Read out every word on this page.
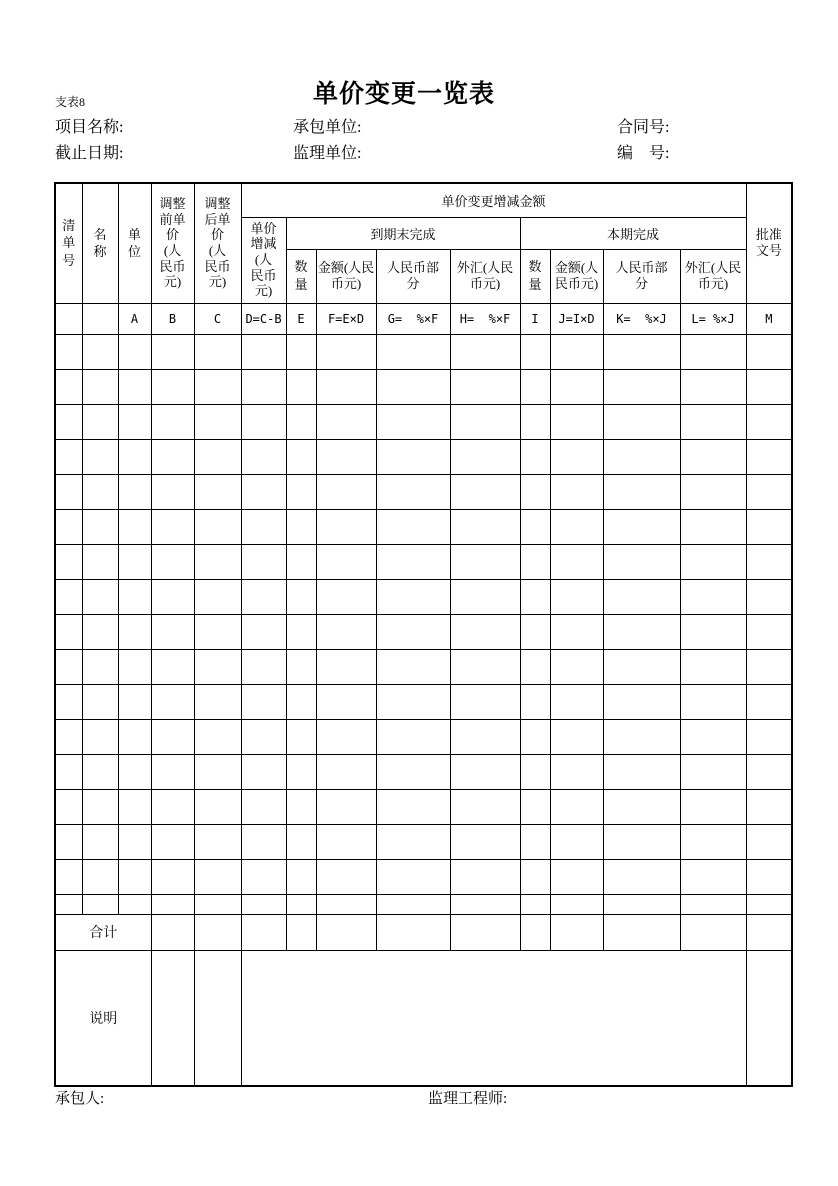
支表8	单价变更一览表
项目名称:	承包单位:	合同号:
截止日期:	监理单位:	编　号:
清单号	名称	单位	调整前单价(人民币元)	调整后单价(人民币元)	单价变更增减金额									批准文号
					单价增减(人民币元)	到期末完成				本期完成				
						数量	金额(人民币元)	人民币部分	外汇(人民币元)	数量	金额(人民币元)	人民币部分	外汇(人民币元)	
		A	B	C	D=C-B	E	F=E×D	G=  %×F	H=  %×F	I	J=I×D	K=  %×J	L= %×J	M

合计														
说明														
承包人:	监理工程师:
